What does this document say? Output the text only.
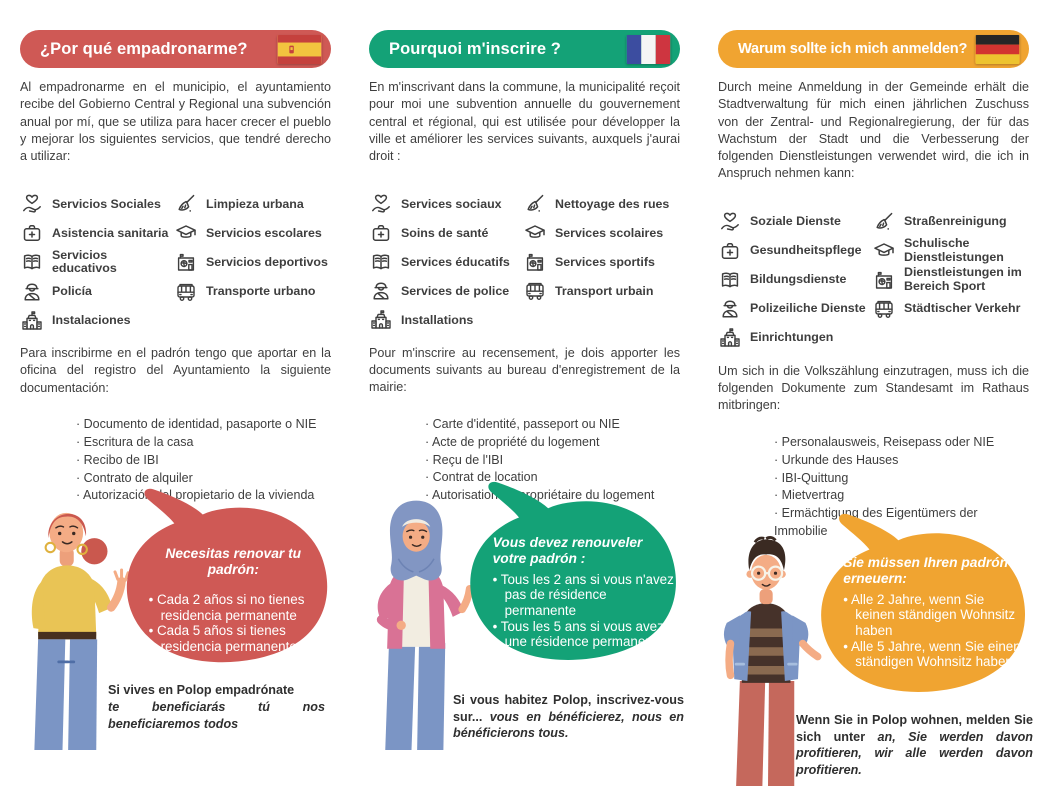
¿Por qué empadronarme?

Al empadronarme en el municipio, el ayuntamiento recibe del Gobierno Central y Regional una subvención anual por mí, que se utiliza para hacer crecer el pueblo y mejorar los siguientes servicios, que tendré derecho a utilizar:

Servicios Sociales
Asistencia sanitaria
Servicios educativos
Policía
Instalaciones
Limpieza urbana
Servicios escolares
Servicios deportivos
Transporte urbano

Para inscribirme en el padrón tengo que aportar en la oficina del registro del Ayuntamiento la siguiente documentación:

· Documento de identidad, pasaporte o NIE
· Escritura de la casa
· Recibo de IBI
· Contrato de alquiler
· Autorización del propietario de la vivienda
Necesitas renovar tu padrón:
• Cada 2 años si no tienes residencia permanente
• Cada 5 años si tienes residencia permanente
Si vives en Polop empadrónate
te beneficiarás tú nos beneficiaremos todos
Pourquoi m'inscrire ?

En m'inscrivant dans la commune, la municipalité reçoit pour moi une subvention annuelle du gouvernement central et régional, qui est utilisée pour développer la ville et améliorer les services suivants, auxquels j'aurai droit :

Services sociaux
Soins de santé
Services éducatifs
Services de police
Installations
Nettoyage des rues
Services scolaires
Services sportifs
Transport urbain

Pour m'inscrire au recensement, je dois apporter les documents suivants au bureau d'enregistrement de la mairie:

· Carte d'identité, passeport ou NIE
· Acte de propriété du logement
· Reçu de l'IBI
· Contrat de location
· Autorisation du propriétaire du logement
Vous devez renouveler votre padrón :
• Tous les 2 ans si vous n'avez pas de résidence permanente
• Tous les 5 ans si vous avez une résidence permanente
Si vous habitez Polop, inscrivez-vous sur... vous en bénéficierez, nous en bénéficierons tous.
Warum sollte ich mich anmelden?

Durch meine Anmeldung in der Gemeinde erhält die Stadtverwaltung für mich einen jährlichen Zuschuss von der Zentral- und Regionalregierung, der für das Wachstum der Stadt und die Verbesserung der folgenden Dienstleistungen verwendet wird, die ich in Anspruch nehmen kann:

Soziale Dienste
Gesundheitspflege
Bildungsdienste
Polizeiliche Dienste
Einrichtungen
Straßenreinigung
Schulische Dienstleistungen
Dienstleistungen im Bereich Sport
Städtischer Verkehr

Um sich in die Volkszählung einzutragen, muss ich die folgenden Dokumente zum Standesamt im Rathaus mitbringen:

· Personalausweis, Reisepass oder NIE
· Urkunde des Hauses
· IBI-Quittung
· Mietvertrag
· Ermächtigung des Eigentümers der Immobilie
Sie müssen Ihren padrón erneuern:
• Alle 2 Jahre, wenn Sie keinen ständigen Wohnsitz haben
• Alle 5 Jahre, wenn Sie einen ständigen Wohnsitz haben
Wenn Sie in Polop wohnen, melden Sie sich unter an, Sie werden davon profitieren, wir alle werden davon profitieren.
